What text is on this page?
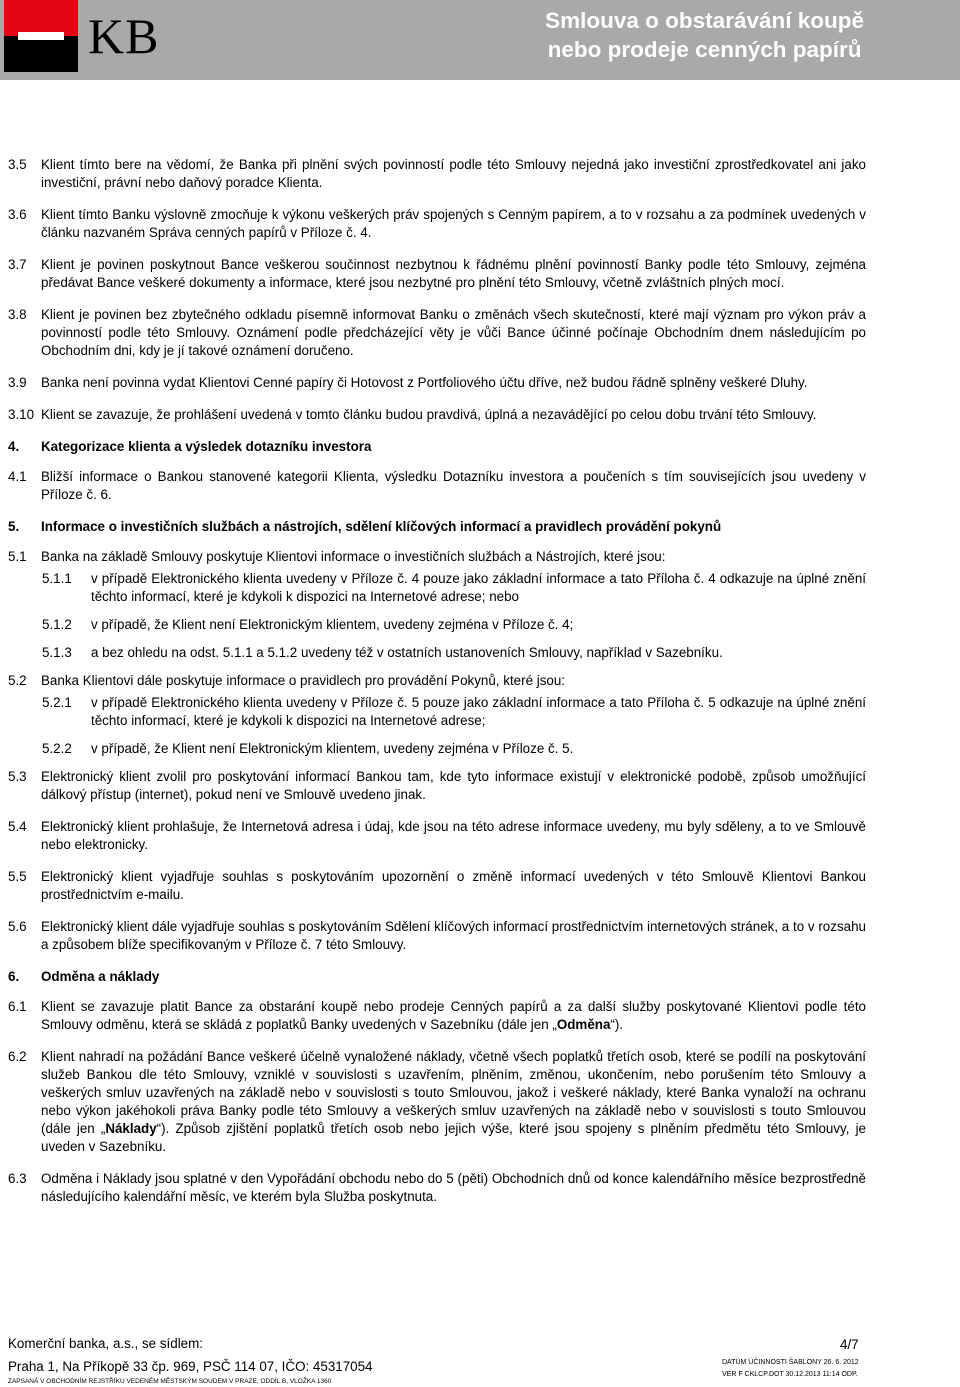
KB	Smlouva o obstarávání koupě
nebo prodeje cenných papírů
3.5 Klient tímto bere na vědomí, že Banka při plnění svých povinností podle této Smlouvy nejedná jako investiční zprostředkovatel ani jako investiční, právní nebo daňový poradce Klienta.
3.6 Klient tímto Banku výslovně zmocňuje k výkonu veškerých práv spojených s Cenným papírem, a to v rozsahu a za podmínek uvedených v článku nazvaném Správa cenných papírů v Příloze č. 4.
3.7 Klient je povinen poskytnout Bance veškerou součinnost nezbytnou k řádnému plnění povinností Banky podle této Smlouvy, zejména předávat Bance veškeré dokumenty a informace, které jsou nezbytné pro plnění této Smlouvy, včetně zvláštních plných mocí.
3.8 Klient je povinen bez zbytečného odkladu písemně informovat Banku o změnách všech skutečností, které mají význam pro výkon práv a povinností podle této Smlouvy. Oznámení podle předcházející věty je vůči Bance účinné počínaje Obchodním dnem následujícím po Obchodním dni, kdy je jí takové oznámení doručeno.
3.9 Banka není povinna vydat Klientovi Cenné papíry či Hotovost z Portfoliového účtu dříve, než budou řádně splněny veškeré Dluhy.
3.10 Klient se zavazuje, že prohlášení uvedená v tomto článku budou pravdivá, úplná a nezavádějící po celou dobu trvání této Smlouvy.
4. Kategorizace klienta a výsledek dotazníku investora
4.1 Bližší informace o Bankou stanovené kategorii Klienta, výsledku Dotazníku investora a poučeních s tím souvisejících jsou uvedeny v Příloze č. 6.
5. Informace o investičních službách a nástrojích, sdělení klíčových informací a pravidlech provádění pokynů
5.1 Banka na základě Smlouvy poskytuje Klientovi informace o investičních službách a Nástrojích, které jsou:
5.1.1 v případě Elektronického klienta uvedeny v Příloze č. 4 pouze jako základní informace a tato Příloha č. 4 odkazuje na úplné znění těchto informací, které je kdykoli k dispozici na Internetové adrese; nebo
5.1.2 v případě, že Klient není Elektronickým klientem, uvedeny zejména v Příloze č. 4;
5.1.3 a bez ohledu na odst. 5.1.1 a 5.1.2 uvedeny též v ostatních ustanoveních Smlouvy, například v Sazebníku.
5.2 Banka Klientovi dále poskytuje informace o pravidlech pro provádění Pokynů, které jsou:
5.2.1 v případě Elektronického klienta uvedeny v Příloze č. 5 pouze jako základní informace a tato Příloha č. 5 odkazuje na úplné znění těchto informací, které je kdykoli k dispozici na Internetové adrese;
5.2.2 v případě, že Klient není Elektronickým klientem, uvedeny zejména v Příloze č. 5.
5.3 Elektronický klient zvolil pro poskytování informací Bankou tam, kde tyto informace existují v elektronické podobě, způsob umožňující dálkový přístup (internet), pokud není ve Smlouvě uvedeno jinak.
5.4 Elektronický klient prohlašuje, že Internetová adresa i údaj, kde jsou na této adrese informace uvedeny, mu byly sděleny, a to ve Smlouvě nebo elektronicky.
5.5 Elektronický klient vyjadřuje souhlas s poskytováním upozornění o změně informací uvedených v této Smlouvě Klientovi Bankou prostřednictvím e-mailu.
5.6 Elektronický klient dále vyjadřuje souhlas s poskytováním Sdělení klíčových informací prostřednictvím internetových stránek, a to v rozsahu a způsobem blíže specifikovaným v Příloze č. 7 této Smlouvy.
6. Odměna a náklady
6.1 Klient se zavazuje platit Bance za obstarání koupě nebo prodeje Cenných papírů a za další služby poskytované Klientovi podle této Smlouvy odměnu, která se skládá z poplatků Banky uvedených v Sazebníku (dále jen „Odměna“).
6.2 Klient nahradí na požádání Bance veškeré účelně vynaložené náklady, včetně všech poplatků třetích osob, které se podílí na poskytování služeb Bankou dle této Smlouvy, vzniklé v souvislosti s uzavřením, plněním, změnou, ukončením, nebo porušením této Smlouvy a veškerých smluv uzavřených na základě nebo v souvislosti s touto Smlouvou, jakož i veškeré náklady, které Banka vynaloží na ochranu nebo výkon jakéhokoli práva Banky podle této Smlouvy a veškerých smluv uzavřených na základě nebo v souvislosti s touto Smlouvou (dále jen „Náklady“). Způsob zjištění poplatků třetích osob nebo jejich výše, které jsou spojeny s plněním předmětu této Smlouvy, je uveden v Sazebníku.
6.3 Odměna i Náklady jsou splatné v den Vypořádání obchodu nebo do 5 (pěti) Obchodních dnů od konce kalendářního měsíce bezprostředně následujícího kalendářní měsíc, ve kterém byla Služba poskytnuta.
Komerční banka, a.s., se sídlem:
Praha 1, Na Příkopě 33 čp. 969, PSČ 114 07, IČO: 45317054
ZAPSANÁ V OBCHODNÍM REJSTŘÍKU VEDENÉM MĚSTSKÝM SOUDEM V PRAZE, ODDÍL B, VLOŽKA 1360
4/7
DATUM ÚČINNOSTI ŠABLONY 26. 6. 2012
VER F CKLCP.DOT 30.12.2013 11:14 ODP.
